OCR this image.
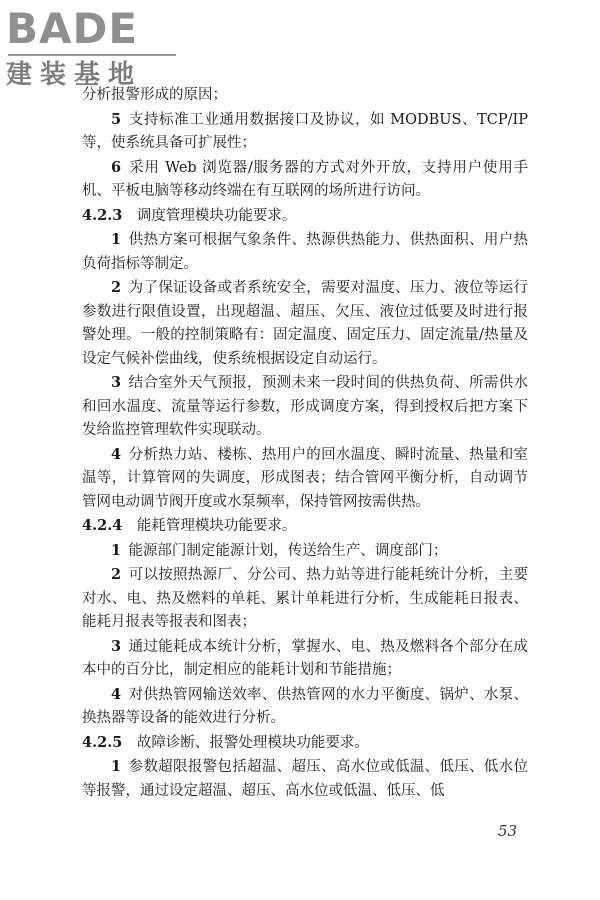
BADE
建装基地

分析报警形成的原因；

5 支持标准工业通用数据接口及协议，如 MODBUS、TCP/IP 等，使系统具备可扩展性；

6 采用 Web 浏览器/服务器的方式对外开放，支持用户使用手机、平板电脑等移动终端在有互联网的场所进行访问。

4.2.3 调度管理模块功能要求。

1 供热方案可根据气象条件、热源供热能力、供热面积、用户热负荷指标等制定。

2 为了保证设备或者系统安全，需要对温度、压力、液位等运行参数进行限值设置，出现超温、超压、欠压、液位过低要及时进行报警处理。一般的控制策略有：固定温度、固定压力、固定流量/热量及设定气候补偿曲线，使系统根据设定自动运行。

3 结合室外天气预报，预测未来一段时间的供热负荷、所需供水和回水温度、流量等运行参数，形成调度方案，得到授权后把方案下发给监控管理软件实现联动。

4 分析热力站、楼栋、热用户的回水温度、瞬时流量、热量和室温等，计算管网的失调度，形成图表；结合管网平衡分析，自动调节管网电动调节阀开度或水泵频率，保持管网按需供热。

4.2.4 能耗管理模块功能要求。

1 能源部门制定能源计划，传送给生产、调度部门；

2 可以按照热源厂、分公司、热力站等进行能耗统计分析，主要对水、电、热及燃料的单耗、累计单耗进行分析，生成能耗日报表、能耗月报表等报表和图表；

3 通过能耗成本统计分析，掌握水、电、热及燃料各个部分在成本中的百分比，制定相应的能耗计划和节能措施；

4 对供热管网输送效率、供热管网的水力平衡度、锅炉、水泵、换热器等设备的能效进行分析。

4.2.5 故障诊断、报警处理模块功能要求。

1 参数超限报警包括超温、超压、高水位或低温、低压、低水位等报警，通过设定超温、超压、高水位或低温、低压、低

53
